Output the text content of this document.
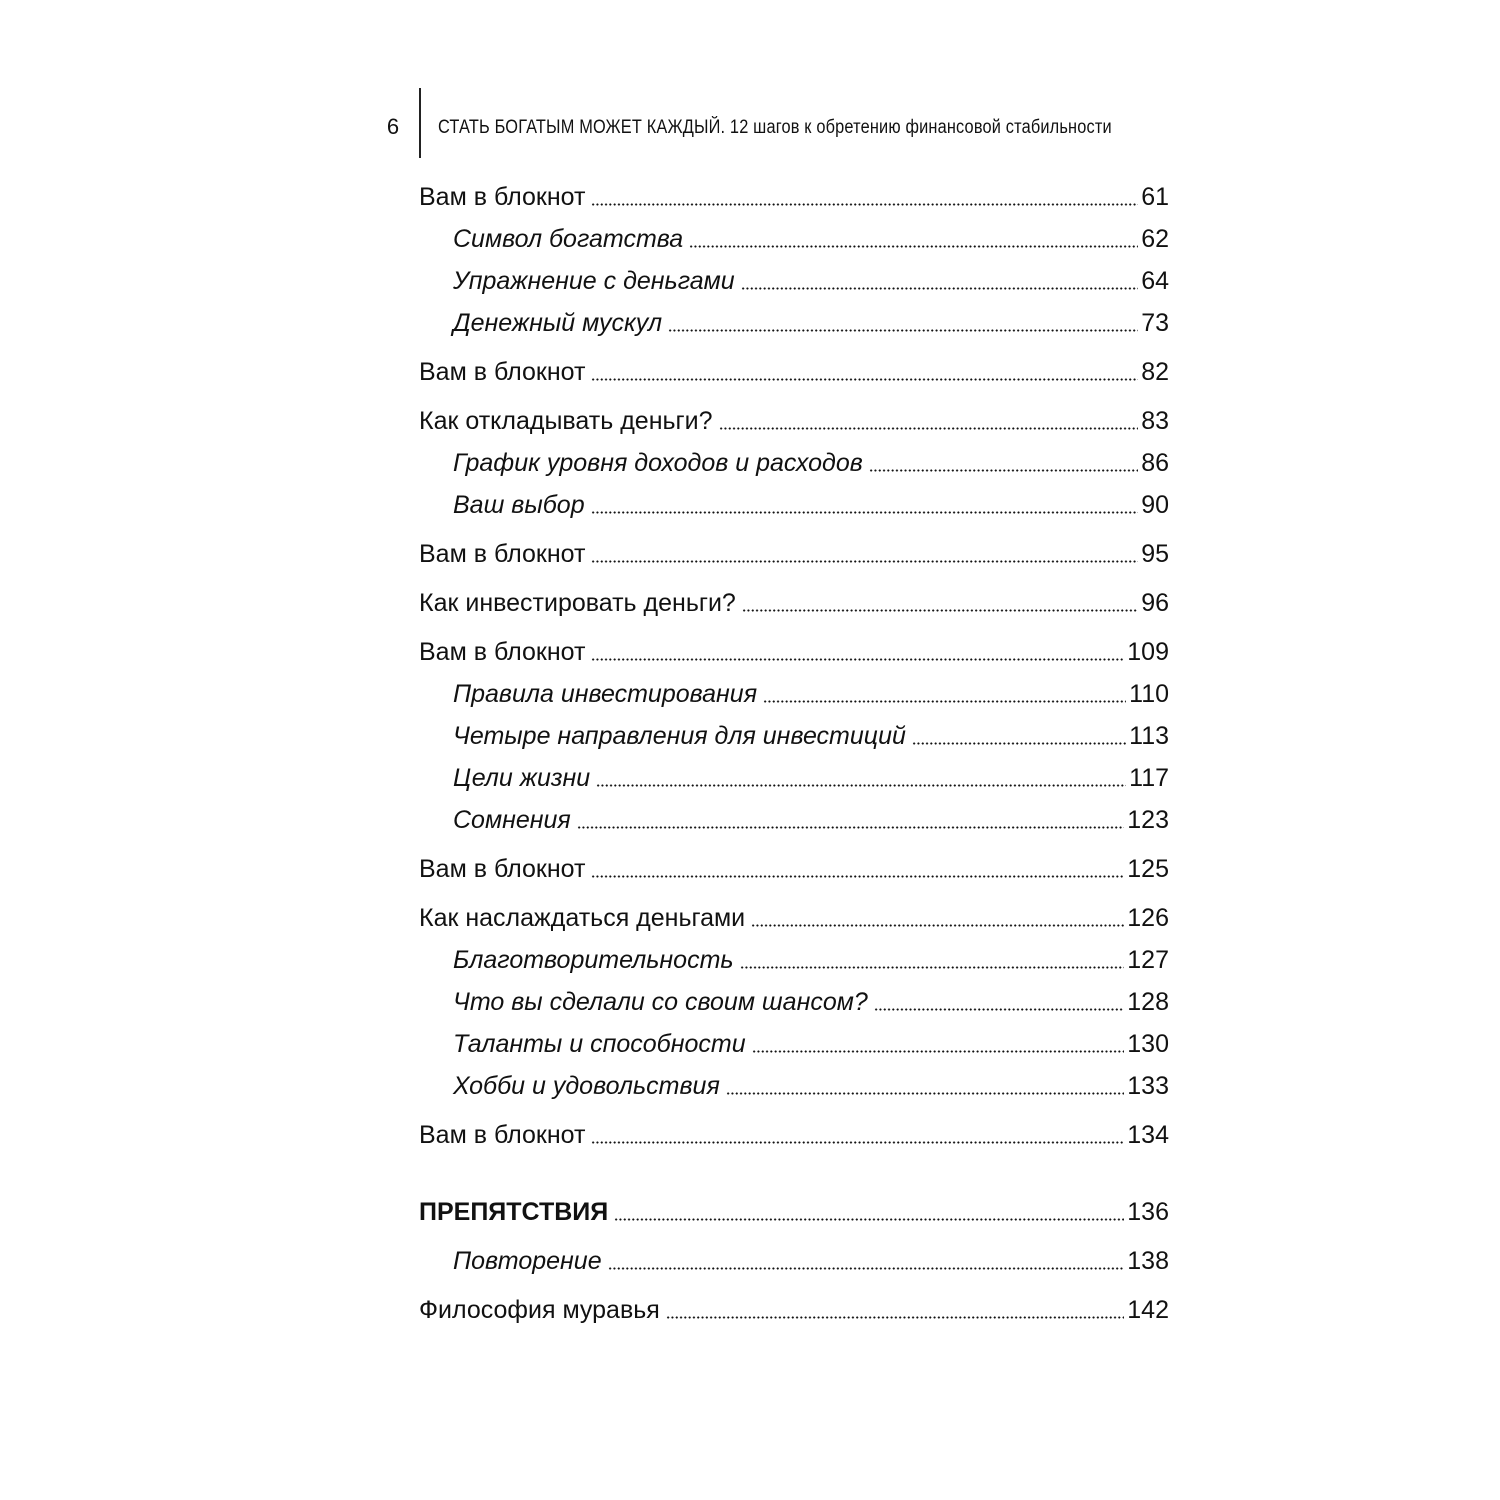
6	СТАТЬ БОГАТЫМ МОЖЕТ КАЖДЫЙ. 12 шагов к обретению финансовой стабильности
Вам в блокнот	61
Символ богатства	62
Упражнение с деньгами	64
Денежный мускул	73
Вам в блокнот	82
Как откладывать деньги?	83
График уровня доходов и расходов	86
Ваш выбор	90
Вам в блокнот	95
Как инвестировать деньги?	96
Вам в блокнот	109
Правила инвестирования	110
Четыре направления для инвестиций	113
Цели жизни	117
Сомнения	123
Вам в блокнот	125
Как наслаждаться деньгами	126
Благотворительность	127
Что вы сделали со своим шансом?	128
Таланты и способности	130
Хобби и удовольствия	133
Вам в блокнот	134
ПРЕПЯТСТВИЯ	136
Повторение	138
Философия муравья	142
